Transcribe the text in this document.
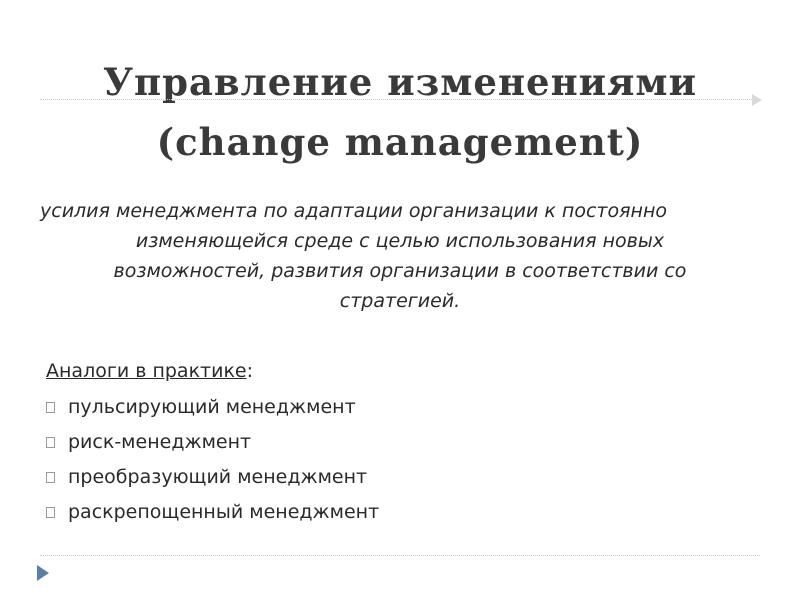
Управление изменениями
(change management)
усилия менеджмента по адаптации организации к постоянно
изменяющейся среде с целью использования новых
возможностей, развития организации в соответствии со
стратегией.
Аналоги в практике:
пульсирующий менеджмент
риск-менеджмент
преобразующий менеджмент
раскрепощенный менеджмент
